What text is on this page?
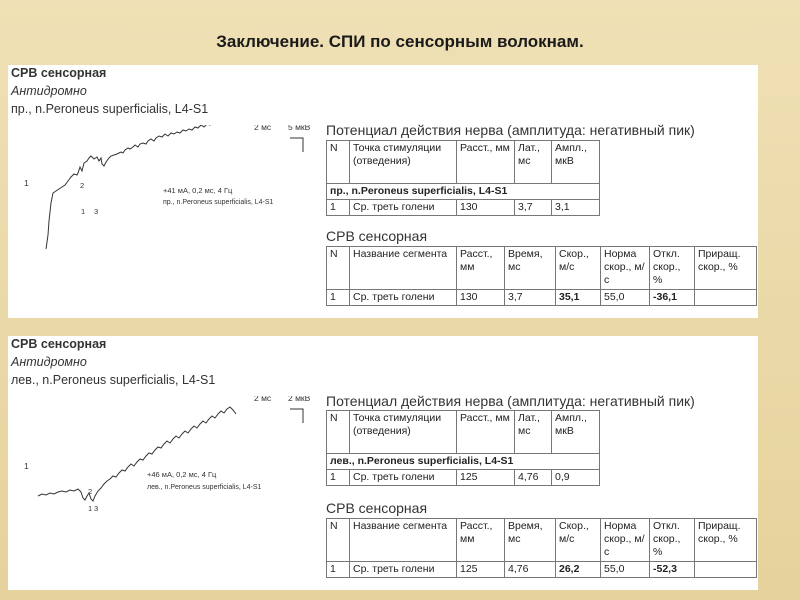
Заключение. СПИ по сенсорным волокнам.
СРВ сенсорная
Антидромно
пр., n.Peroneus superficialis, L4-S1
2 мс 5 мкВ
1	2
1 3
+41 мА, 0,2 мс, 4 Гц
пр., n.Peroneus superficialis, L4-S1
Потенциал действия нерва (амплитуда: негативный пик)
N	Точка стимуляции (отведения)	Расст., мм	Лат., мс	Ампл., мкВ
пр., n.Peroneus superficialis, L4-S1				
1	Ср. треть голени	130	3,7	3,1
СРВ сенсорная
N	Название сегмента	Расст., мм	Время, мс	Скор., м/с	Норма скор., м/с	Откл. скор., %	Приращ. скор., %
1	Ср. треть голени	130	3,7	35,1	55,0	-36,1	
СРВ сенсорная
Антидромно
лев., n.Peroneus superficialis, L4-S1
2 мс 2 мкВ
1
2
1 3
+46 мА, 0,2 мс, 4 Гц
лев., n.Peroneus superficialis, L4-S1
Потенциал действия нерва (амплитуда: негативный пик)
N	Точка стимуляции (отведения)	Расст., мм	Лат., мс	Ампл., мкВ
лев., n.Peroneus superficialis, L4-S1				
1	Ср. треть голени	125	4,76	0,9
СРВ сенсорная
N	Название сегмента	Расст., мм	Время, мс	Скор., м/с	Норма скор., м/с	Откл. скор., %	Приращ. скор., %
1	Ср. треть голени	125	4,76	26,2	55,0	-52,3	
